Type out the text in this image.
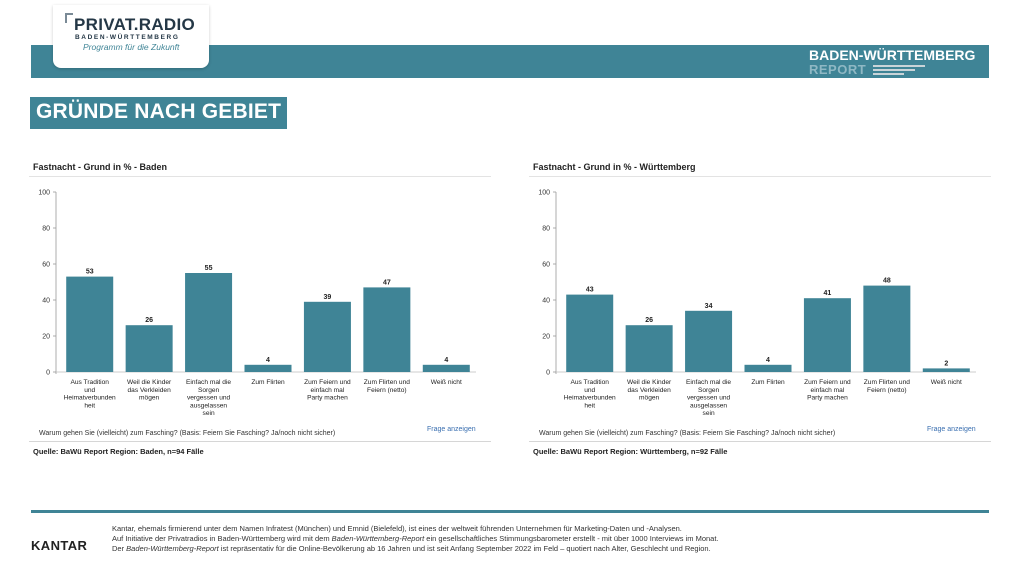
BADEN-WÜRTTEMBERG
REPORT
PRIVAT.RADIO
BADEN-WÜRTTEMBERG
Programm für die Zukunft
GRÜNDE NACH GEBIET
Fastnacht - Grund in % - Baden
0
20
40
60
80
100
53
Aus Tradition und Heimatverbunden heit
26
Weil die Kinder das Verkleiden mögen
55
Einfach mal die Sorgen vergessen und ausgelassen sein
4
Zum Flirten
39
Zum Feiern und einfach mal Party machen
47
Zum Flirten und Feiern (netto)
4
Weiß nicht
Warum gehen Sie (vielleicht) zum Fasching? (Basis: Feiern Sie Fasching? Ja/noch nicht sicher)
Frage anzeigen
Quelle: BaWü Report Region: Baden, n=94 Fälle
Fastnacht - Grund in % - Württemberg
0
20
40
60
80
100
43
Aus Tradition und Heimatverbunden heit
26
Weil die Kinder das Verkleiden mögen
34
Einfach mal die Sorgen vergessen und ausgelassen sein
4
Zum Flirten
41
Zum Feiern und einfach mal Party machen
48
Zum Flirten und Feiern (netto)
2
Weiß nicht
Warum gehen Sie (vielleicht) zum Fasching? (Basis: Feiern Sie Fasching? Ja/noch nicht sicher)
Frage anzeigen
Quelle: BaWü Report Region: Württemberg, n=92 Fälle
KANTAR
Kantar, ehemals firmierend unter dem Namen Infratest (München) und Emnid (Bielefeld), ist eines der weltweit führenden Unternehmen für Marketing-Daten und -Analysen.
Auf Initiative der Privatradios in Baden-Württemberg wird mit dem Baden-Württemberg-Report ein gesellschaftliches Stimmungsbarometer erstellt - mit über 1000 Interviews im Monat.
Der Baden-Württemberg-Report ist repräsentativ für die Online-Bevölkerung ab 16 Jahren und ist seit Anfang September 2022 im Feld – quotiert nach Alter, Geschlecht und Region.
